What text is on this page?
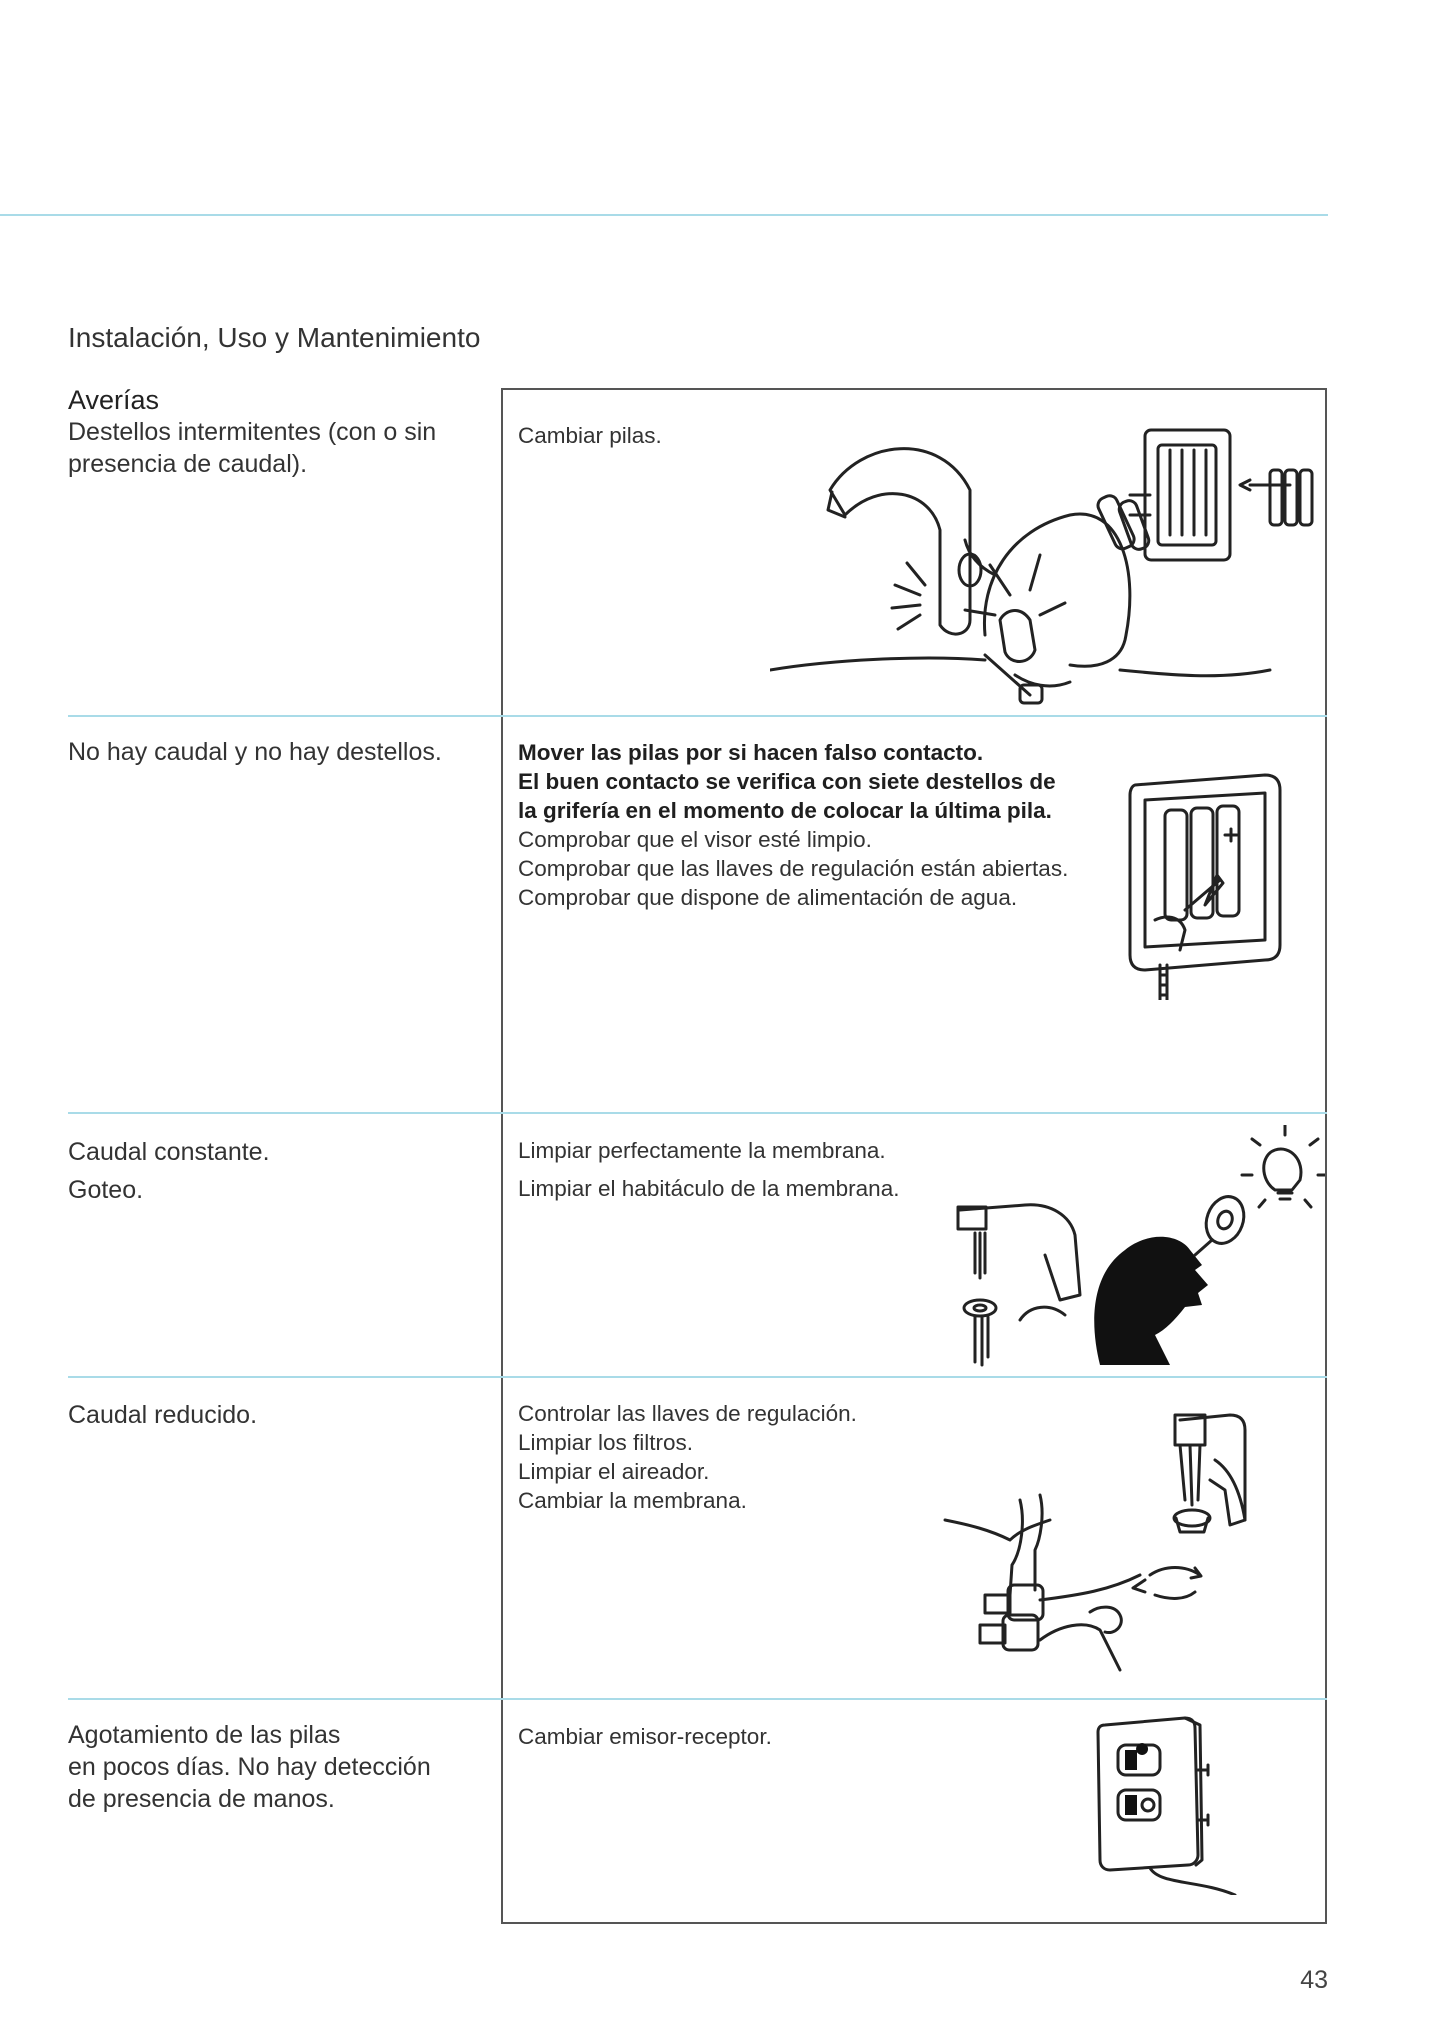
Instalación, Uso y Mantenimiento
Averías
Destellos intermitentes (con o sin
presencia de caudal).
Cambiar pilas.
No hay caudal y no hay destellos.	Mover las pilas por si hacen falso contacto.
El buen contacto se verifica con siete destellos de
la grifería en el momento de colocar la última pila.
Comprobar que el visor esté limpio.
Comprobar que las llaves de regulación están abiertas.
Comprobar que dispone de alimentación de agua.
Caudal constante.
Goteo.
Limpiar perfectamente la membrana.
Limpiar el habitáculo de la membrana.
Caudal reducido.	Controlar las llaves de regulación.
Limpiar los filtros.
Limpiar el aireador.
Cambiar la membrana.
Agotamiento de las pilas
en pocos días. No hay detección
de presencia de manos.
Cambiar emisor-receptor.
43
